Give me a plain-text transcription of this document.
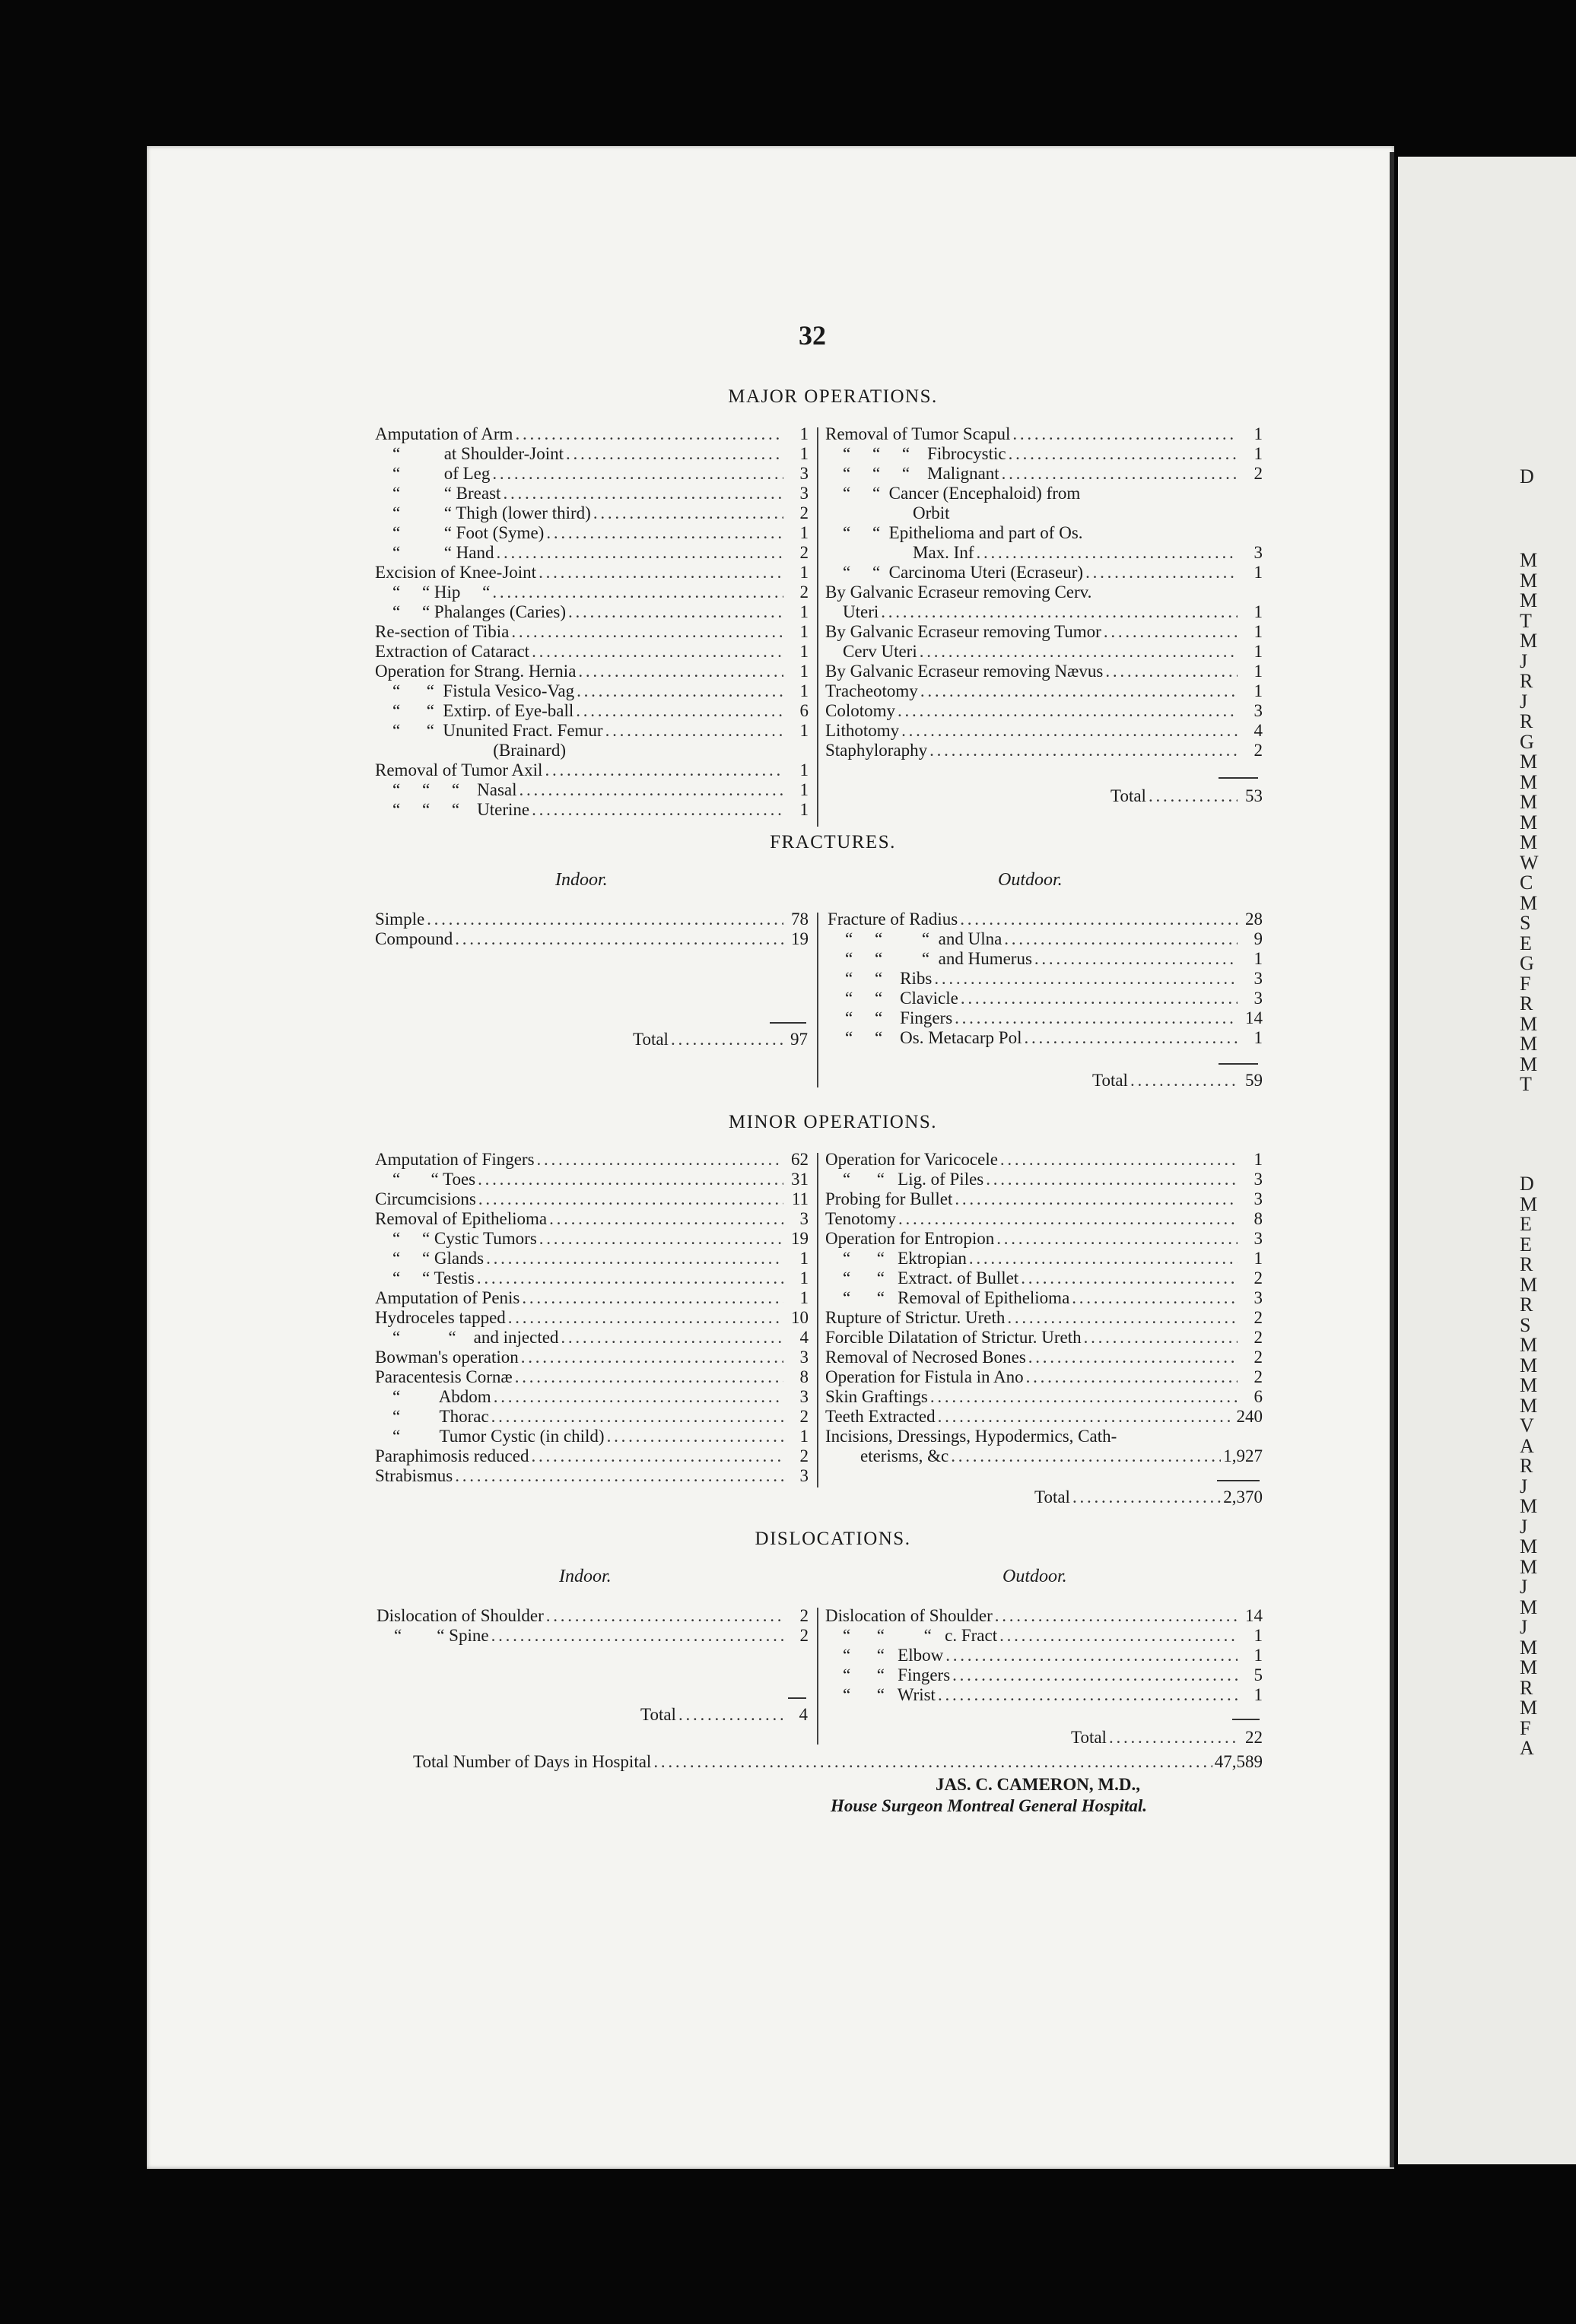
D
M
M
M
T
M
J
R
J
R
G
M
M
M
M
M
W
C
M
S
E
G
F
R
M
M
M
T
D
M
E
E
R
M
R
S
M
M
M
M
V
A
R
J
M
J
M
M
J
M
J
M
M
R
M
F
A
32
MAJOR OPERATIONS.
Amputation of Arm . . .	1
“          at Shoulder-Joint . . .	1
“          of Leg . . .	3
“          “ Breast . . .	3
“          “ Thigh (lower third) . . .	2
“          “ Foot (Syme) . . .	1
“          “ Hand . . .	2
Excision of Knee-Joint . . .	1
“     “ Hip     “ . . .	2
“     “ Phalanges (Caries) . . .	1
Re-section of Tibia . . .	1
Extraction of Cataract . . .	1
Operation for Strang. Hernia . . .	1
“      “  Fistula Vesico-Vag . . .	1
“      “  Extirp. of Eye-ball . . .	6
“      “  Ununited Fract. Femur . . .	1
(Brainard)
Removal of Tumor Axil . . .	1
“     “     “    Nasal . . .	1
“     “     “    Uterine . . .	1
Removal of Tumor Scapul . . .	1
“     “     “    Fibrocystic . . .	1
“     “     “    Malignant . . .	2
“     “  Cancer (Encephaloid) from
Orbit
“     “  Epithelioma and part of Os.
Max. Inf . . .	3
“     “  Carcinoma Uteri (Ecraseur) . . .	1
By Galvanic Ecraseur removing Cerv.
Uteri . . .	1
By Galvanic Ecraseur removing Tumor . . .	1
Cerv Uteri . . .	1
By Galvanic Ecraseur removing Nævus . . .	1
Tracheotomy . . .	1
Colotomy . . .	3
Lithotomy . . .	4
Staphyloraphy . . .	2
Total . . .	53
FRACTURES.
Indoor.	Outdoor.
Simple . . .	78
Compound . . .	19
Fracture of Radius . . .	28
“     “         “  and Ulna . . .	9
“     “         “  and Humerus . . .	1
“     “    Ribs . . .	3
“     “    Clavicle . . .	3
“     “    Fingers . . .	14
“     “    Os. Metacarp Pol . . .	1
Total . . .	97
Total . . .	59
MINOR OPERATIONS.
Amputation of Fingers . . .	62
“       “ Toes . . .	31
Circumcisions . . .	11
Removal of Epithelioma . . .	3
“     “ Cystic Tumors . . .	19
“     “ Glands . . .	1
“     “ Testis . . .	1
Amputation of Penis . . .	1
Hydroceles tapped . . .	10
“           “    and injected . . .	4
Bowman's operation . . .	3
Paracentesis Cornæ . . .	8
“         Abdom . . .	3
“         Thorac . . .	2
“         Tumor Cystic (in child) . . .	1
Paraphimosis reduced . . .	2
Strabismus . . .	3
Operation for Varicocele . . .	1
“      “   Lig. of Piles . . .	3
Probing for Bullet . . .	3
Tenotomy . . .	8
Operation for Entropion . . .	3
“      “   Ektropian . . .	1
“      “   Extract. of Bullet . . .	2
“      “   Removal of Epithelioma . . .	3
Rupture of Strictur. Ureth . . .	2
Forcible Dilatation of Strictur. Ureth . . .	2
Removal of Necrosed Bones . . .	2
Operation for Fistula in Ano . . .	2
Skin Graftings . . .	6
Teeth Extracted . . .	240
Incisions, Dressings, Hypodermics, Cath-
eterisms, &c . . .	1,927
Total . . .	2,370
DISLOCATIONS.
Indoor.	Outdoor.
Dislocation of Shoulder . . .	2
“        “ Spine . . .	2
Dislocation of Shoulder . . .	14
“      “         “   c. Fract . . .	1
“      “   Elbow . . .	1
“      “   Fingers . . .	5
“      “   Wrist . . .	1
Total . . .	4
Total . . .	22
Total Number of Days in Hospital . . .	47,589
JAS. C. CAMERON, M.D.,
House Surgeon Montreal General Hospital.
